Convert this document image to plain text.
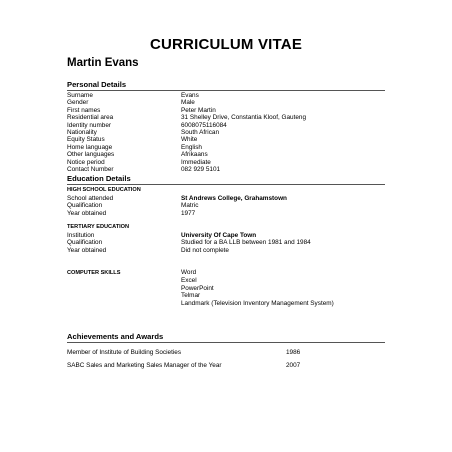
CURRICULUM VITAE
Martin Evans
Personal Details
Surname	Evans
Gender	Male
First names	Peter Martin
Residential area	31 Shelley Drive, Constantia Kloof, Gauteng
Identity number	6008075116084
Nationality	South African
Equity Status	White
Home language	English
Other languages	Afrikaans
Notice period	Immediate
Contact Number	082 929 5101
Education Details
HIGH SCHOOL EDUCATION
School attended	St Andrews College, Grahamstown
Qualification	Matric
Year obtained	1977
TERTIARY EDUCATION
Institution	University Of Cape Town
Qualification	Studied for a BA LLB between 1981 and 1984
Year obtained	Did not complete
COMPUTER SKILLS	Word
Excel
PowerPoint
Telmar
Landmark (Television Inventory Management System)
Achievements and Awards
Member of Institute of Building Societies	1986
SABC Sales and Marketing Sales Manager of the Year	2007
